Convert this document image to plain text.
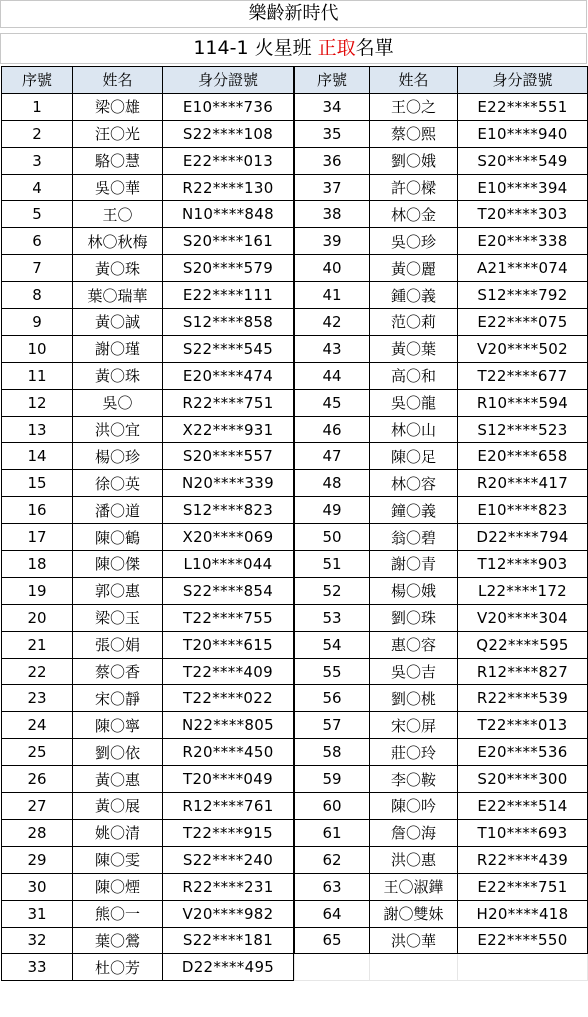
樂齡新時代
114-1 火星班 正取名單
序號	姓名	身分證號
1	梁〇雄	E10****736
2	汪〇光	S22****108
3	駱〇慧	E22****013
4	吳〇華	R22****130
5	王〇	N10****848
6	林〇秋梅	S20****161
7	黃〇珠	S20****579
8	葉〇瑞華	E22****111
9	黃〇誠	S12****858
10	謝〇瑾	S22****545
11	黃〇珠	E20****474
12	吳〇	R22****751
13	洪〇宜	X22****931
14	楊〇珍	S20****557
15	徐〇英	N20****339
16	潘〇道	S12****823
17	陳〇鶴	X20****069
18	陳〇傑	L10****044
19	郭〇惠	S22****854
20	梁〇玉	T22****755
21	張〇娟	T20****615
22	蔡〇香	T22****409
23	宋〇靜	T22****022
24	陳〇寧	N22****805
25	劉〇依	R20****450
26	黃〇惠	T20****049
27	黃〇展	R12****761
28	姚〇清	T22****915
29	陳〇雯	S22****240
30	陳〇煙	R22****231
31	熊〇一	V20****982
32	葉〇鶯	S22****181
33	杜〇芳	D22****495
序號	姓名	身分證號
34	王〇之	E22****551
35	蔡〇熙	E10****940
36	劉〇娥	S20****549
37	許〇樑	E10****394
38	林〇金	T20****303
39	吳〇珍	E20****338
40	黃〇麗	A21****074
41	鍾〇義	S12****792
42	范〇莉	E22****075
43	黃〇葉	V20****502
44	高〇和	T22****677
45	吳〇龍	R10****594
46	林〇山	S12****523
47	陳〇足	E20****658
48	林〇容	R20****417
49	鐘〇義	E10****823
50	翁〇碧	D22****794
51	謝〇青	T12****903
52	楊〇娥	L22****172
53	劉〇珠	V20****304
54	惠〇容	Q22****595
55	吳〇吉	R12****827
56	劉〇桃	R22****539
57	宋〇屏	T22****013
58	莊〇玲	E20****536
59	李〇鞍	S20****300
60	陳〇吟	E22****514
61	詹〇海	T10****693
62	洪〇惠	R22****439
63	王〇淑鏵	E22****751
64	謝〇雙妹	H20****418
65	洪〇華	E22****550
